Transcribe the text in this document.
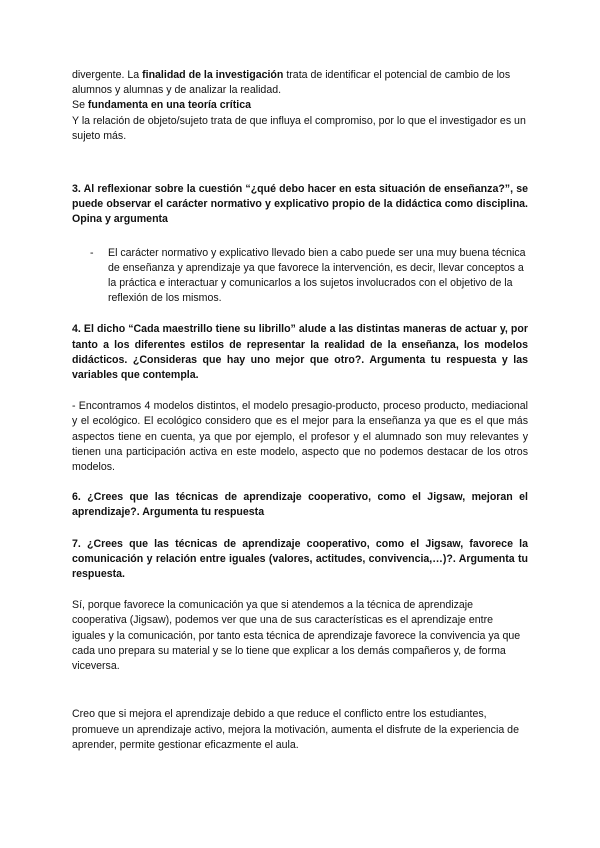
divergente. La finalidad de la investigación trata de identificar el potencial de cambio de los alumnos y alumnas y de analizar la realidad.

Se fundamenta en una teoría crítica

Y la relación de objeto/sujeto trata de que influya el compromiso, por lo que el investigador es un sujeto más.

3. Al reflexionar sobre la cuestión “¿qué debo hacer en esta situación de enseñanza?”, se puede observar el carácter normativo y explicativo propio de la didáctica como disciplina. Opina y argumenta

- El carácter normativo y explicativo llevado bien a cabo puede ser una muy buena técnica de enseñanza y aprendizaje ya que favorece la intervención, es decir, llevar conceptos a la práctica e interactuar y comunicarlos a los sujetos involucrados con el objetivo de la reflexión de los mismos.

4. El dicho “Cada maestrillo tiene su librillo” alude a las distintas maneras de actuar y, por tanto a los diferentes estilos de representar la realidad de la enseñanza, los modelos didácticos. ¿Consideras que hay uno mejor que otro?. Argumenta tu respuesta y las variables que contempla.

- Encontramos 4 modelos distintos, el modelo presagio-producto, proceso producto, mediacional y el ecológico. El ecológico considero que es el mejor para la enseñanza ya que es el que más aspectos tiene en cuenta, ya que por ejemplo, el profesor y el alumnado son muy relevantes y tienen una participación activa en este modelo, aspecto que no podemos destacar de los otros modelos.

6. ¿Crees que las técnicas de aprendizaje cooperativo, como el Jigsaw, mejoran el aprendizaje?. Argumenta tu respuesta

7. ¿Crees que las técnicas de aprendizaje cooperativo, como el Jigsaw, favorece la comunicación y relación entre iguales (valores, actitudes, convivencia,…)?. Argumenta tu respuesta.

Sí, porque favorece la comunicación ya que si atendemos a la técnica de aprendizaje cooperativa (Jigsaw), podemos ver que una de sus características es el aprendizaje entre iguales y la comunicación, por tanto esta técnica de aprendizaje favorece la convivencia ya que cada uno prepara su material y se lo tiene que explicar a los demás compañeros y, de forma viceversa.

Creo que si mejora el aprendizaje debido a que reduce el conflicto entre los estudiantes, promueve un aprendizaje activo, mejora la motivación, aumenta el disfrute de la experiencia de aprender, permite gestionar eficazmente el aula.
